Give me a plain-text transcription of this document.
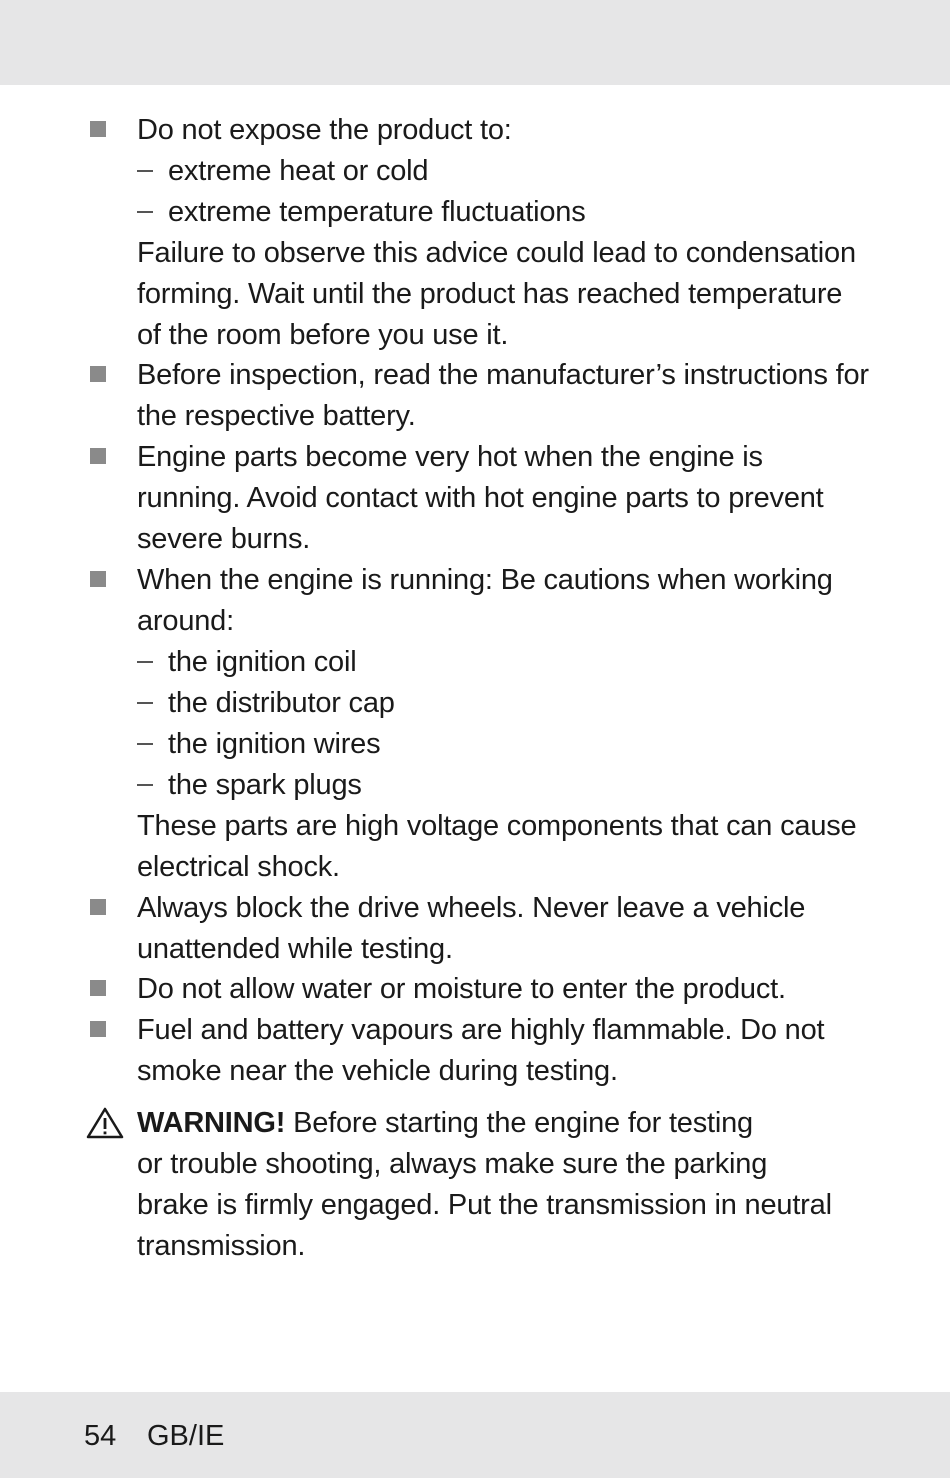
Do not expose the product to:
extreme heat or cold
extreme temperature fluctuations
Failure to observe this advice could lead to condensation
forming. Wait until the product has reached temperature
of the room before you use it.
Before inspection, read the manufacturer’s instructions for
the respective battery.
Engine parts become very hot when the engine is
running. Avoid contact with hot engine parts to prevent
severe burns.
When the engine is running: Be cautions when working
around:
the ignition coil
the distributor cap
the ignition wires
the spark plugs
These parts are high voltage components that can cause
electrical shock.
Always block the drive wheels. Never leave a vehicle
unattended while testing.
Do not allow water or moisture to enter the product.
Fuel and battery vapours are highly flammable. Do not
smoke near the vehicle during testing.
WARNING! Before starting the engine for testing
or trouble shooting, always make sure the parking
brake is firmly engaged. Put the transmission in neutral
transmission.
54 GB/IE
